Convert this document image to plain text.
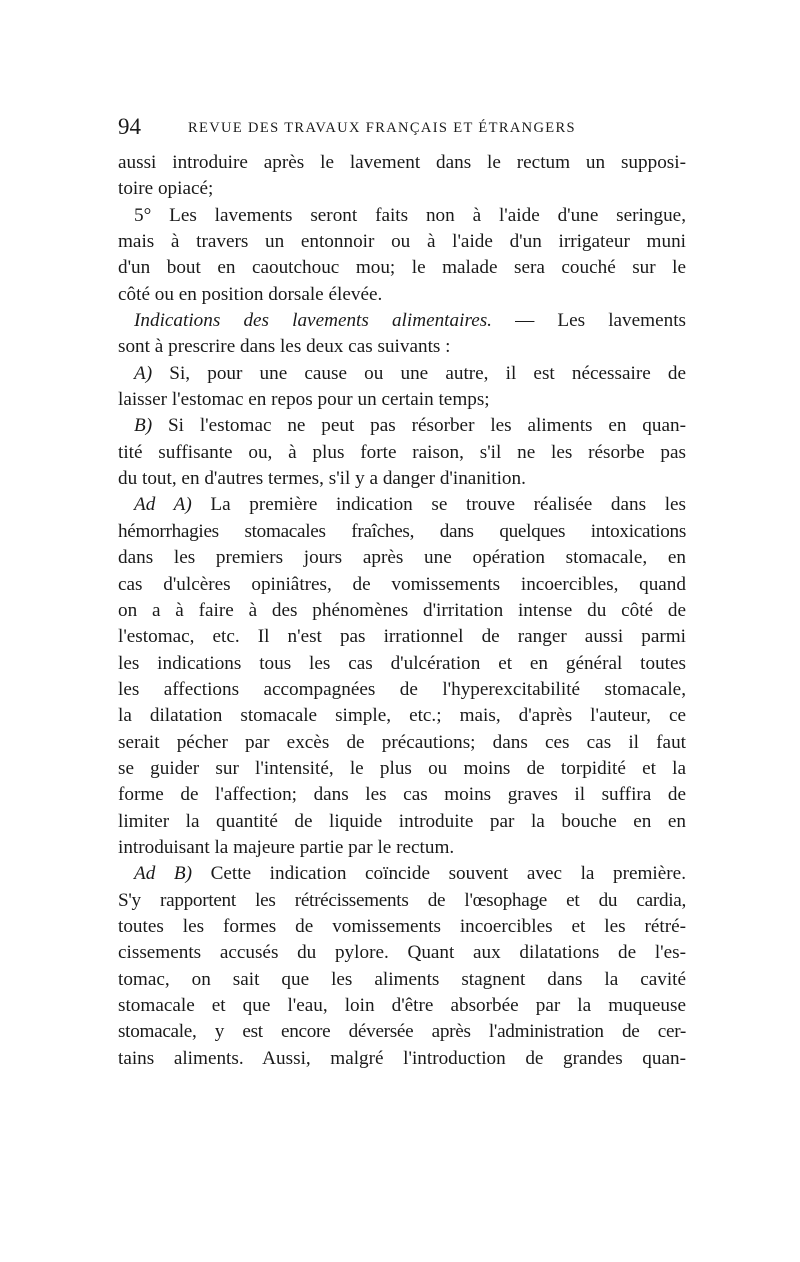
94	REVUE DES TRAVAUX FRANÇAIS ET ÉTRANGERS
aussi introduire après le lavement dans le rectum un supposi-
toire opiacé;
5° Les lavements seront faits non à l'aide d'une seringue,
mais à travers un entonnoir ou à l'aide d'un irrigateur muni
d'un bout en caoutchouc mou; le malade sera couché sur le
côté ou en position dorsale élevée.
Indications des lavements alimentaires. — Les lavements
sont à prescrire dans les deux cas suivants :
A) Si, pour une cause ou une autre, il est nécessaire de
laisser l'estomac en repos pour un certain temps;
B) Si l'estomac ne peut pas résorber les aliments en quan-
tité suffisante ou, à plus forte raison, s'il ne les résorbe pas
du tout, en d'autres termes, s'il y a danger d'inanition.
Ad A) La première indication se trouve réalisée dans les
hémorrhagies stomacales fraîches, dans quelques intoxications
dans les premiers jours après une opération stomacale, en
cas d'ulcères opiniâtres, de vomissements incoercibles, quand
on a à faire à des phénomènes d'irritation intense du côté de
l'estomac, etc. Il n'est pas irrationnel de ranger aussi parmi
les indications tous les cas d'ulcération et en général toutes
les affections accompagnées de l'hyperexcitabilité stomacale,
la dilatation stomacale simple, etc.; mais, d'après l'auteur, ce
serait pécher par excès de précautions; dans ces cas il faut
se guider sur l'intensité, le plus ou moins de torpidité et la
forme de l'affection; dans les cas moins graves il suffira de
limiter la quantité de liquide introduite par la bouche en en
introduisant la majeure partie par le rectum.
Ad B) Cette indication coïncide souvent avec la première.
S'y rapportent les rétrécissements de l'œsophage et du cardia,
toutes les formes de vomissements incoercibles et les rétré-
cissements accusés du pylore. Quant aux dilatations de l'es-
tomac, on sait que les aliments stagnent dans la cavité
stomacale et que l'eau, loin d'être absorbée par la muqueuse
stomacale, y est encore déversée après l'administration de cer-
tains aliments. Aussi, malgré l'introduction de grandes quan-
